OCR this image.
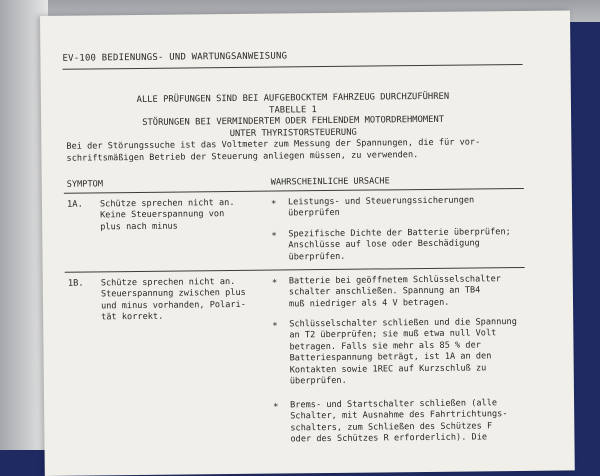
EV-100 BEDIENUNGS- UND WARTUNGSANWEISUNG
ALLE PRÜFUNGEN SIND BEI AUFGEBOCKTEM FAHRZEUG DURCHZUFÜHREN
TABELLE 1
STÖRUNGEN BEI VERMINDERTEM ODER FEHLENDEM MOTORDREHMOMENT
UNTER THYRISTORSTEUERUNG
Bei der Störungssuche ist das Voltmeter zum Messung der Spannungen, die für vor-
schriftsmäßigen Betrieb der Steuerung anliegen müssen, zu verwenden.
SYMPTOM	WAHRSCHEINLICHE URSACHE
1A. Schütze sprechen nicht an.
Keine Steuerspannung von
plus nach minus
* Leistungs- und Steuerungssicherungen
überprüfen
* Spezifische Dichte der Batterie überprüfen;
Anschlüsse auf lose oder Beschädigung
überprüfen.
1B. Schütze sprechen nicht an.
Steuerspannung zwischen plus
und minus vorhanden, Polari-
tät korrekt.
* Batterie bei geöffnetem Schlüsselschalter
schalter anschließen. Spannung an TB4
muß niedriger als 4 V betragen.
* Schlüsselschalter schließen und die Spannung
an T2 überprüfen; sie muß etwa null Volt
betragen. Falls sie mehr als 85 % der
Batteriespannung beträgt, ist 1A an den
Kontakten sowie 1REC auf Kurzschluß zu
überprüfen.
* Brems- und Startschalter schließen (alle
Schalter, mit Ausnahme des Fahrtrichtungs-
schalters, zum Schließen des Schützes F
oder des Schützes R erforderlich). Die
